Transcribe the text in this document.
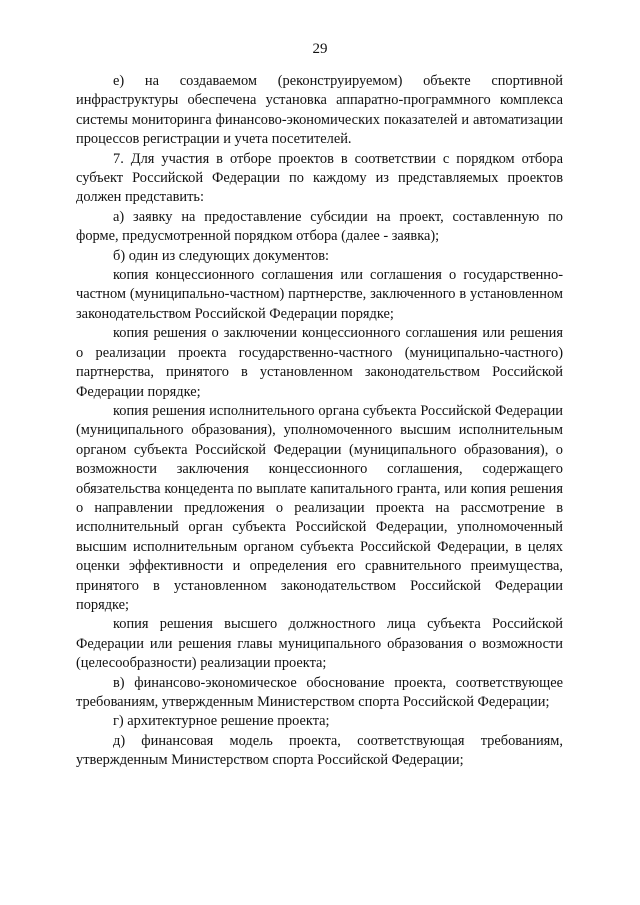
29

е) на создаваемом (реконструируемом) объекте спортивной инфраструктуры обеспечена установка аппаратно-программного комплекса системы мониторинга финансово-экономических показателей и автоматизации процессов регистрации и учета посетителей.

7. Для участия в отборе проектов в соответствии с порядком отбора субъект Российской Федерации по каждому из представляемых проектов должен представить:

а) заявку на предоставление субсидии на проект, составленную по форме, предусмотренной порядком отбора (далее - заявка);

б) один из следующих документов:

копия концессионного соглашения или соглашения о государственно-частном (муниципально-частном) партнерстве, заключенного в установленном законодательством Российской Федерации порядке;

копия решения о заключении концессионного соглашения или решения о реализации проекта государственно-частного (муниципально-частного) партнерства, принятого в установленном законодательством Российской Федерации порядке;

копия решения исполнительного органа субъекта Российской Федерации (муниципального образования), уполномоченного высшим исполнительным органом субъекта Российской Федерации (муниципального образования), о возможности заключения концессионного соглашения, содержащего обязательства концедента по выплате капитального гранта, или копия решения о направлении предложения о реализации проекта на рассмотрение в исполнительный орган субъекта Российской Федерации, уполномоченный высшим исполнительным органом субъекта Российской Федерации, в целях оценки эффективности и определения его сравнительного преимущества, принятого в установленном законодательством Российской Федерации порядке;

копия решения высшего должностного лица субъекта Российской Федерации или решения главы муниципального образования о возможности (целесообразности) реализации проекта;

в) финансово-экономическое обоснование проекта, соответствующее требованиям, утвержденным Министерством спорта Российской Федерации;

г) архитектурное решение проекта;

д) финансовая модель проекта, соответствующая требованиям, утвержденным Министерством спорта Российской Федерации;
